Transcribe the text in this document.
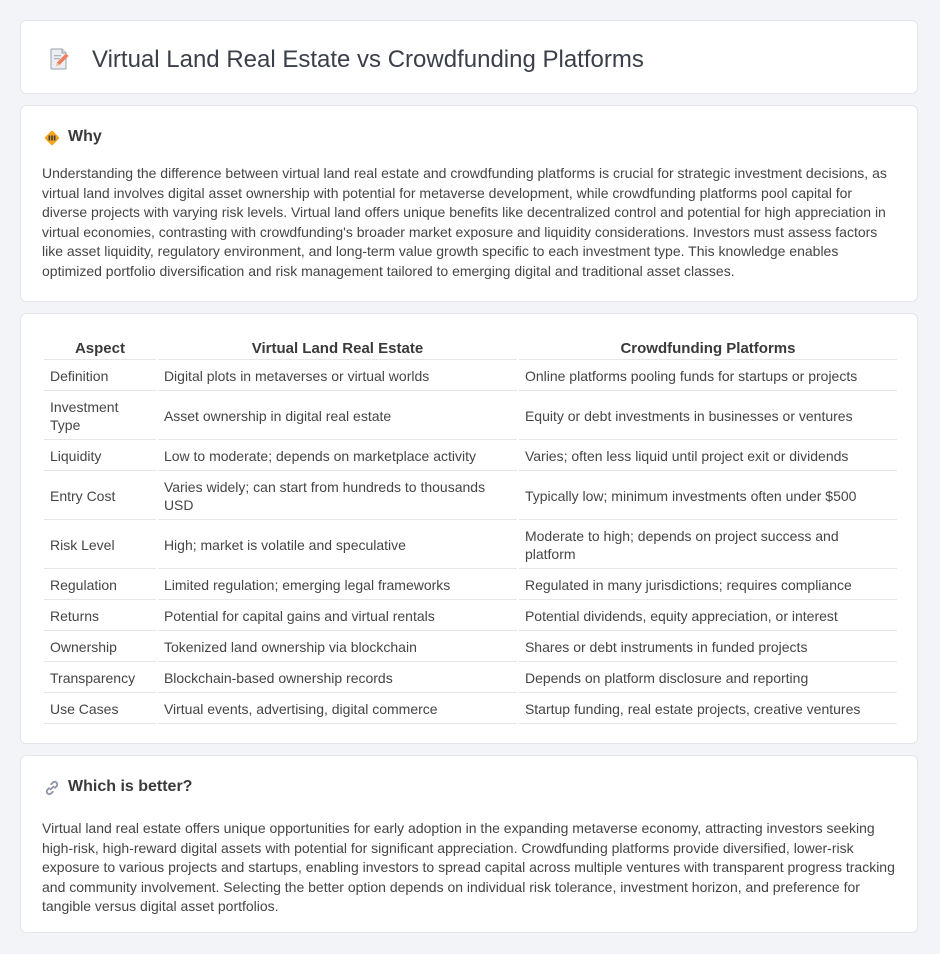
Virtual Land Real Estate vs Crowdfunding Platforms
Why

Understanding the difference between virtual land real estate and crowdfunding platforms is crucial for strategic investment decisions, as virtual land involves digital asset ownership with potential for metaverse development, while crowdfunding platforms pool capital for diverse projects with varying risk levels. Virtual land offers unique benefits like decentralized control and potential for high appreciation in virtual economies, contrasting with crowdfunding's broader market exposure and liquidity considerations. Investors must assess factors like asset liquidity, regulatory environment, and long-term value growth specific to each investment type. This knowledge enables optimized portfolio diversification and risk management tailored to emerging digital and traditional asset classes.

Aspect	Virtual Land Real Estate	Crowdfunding Platforms
Definition	Digital plots in metaverses or virtual worlds	Online platforms pooling funds for startups or projects
Investment Type	Asset ownership in digital real estate	Equity or debt investments in businesses or ventures
Liquidity	Low to moderate; depends on marketplace activity	Varies; often less liquid until project exit or dividends
Entry Cost	Varies widely; can start from hundreds to thousands USD	Typically low; minimum investments often under $500
Risk Level	High; market is volatile and speculative	Moderate to high; depends on project success and platform
Regulation	Limited regulation; emerging legal frameworks	Regulated in many jurisdictions; requires compliance
Returns	Potential for capital gains and virtual rentals	Potential dividends, equity appreciation, or interest
Ownership	Tokenized land ownership via blockchain	Shares or debt instruments in funded projects
Transparency	Blockchain-based ownership records	Depends on platform disclosure and reporting
Use Cases	Virtual events, advertising, digital commerce	Startup funding, real estate projects, creative ventures
Which is better?

Virtual land real estate offers unique opportunities for early adoption in the expanding metaverse economy, attracting investors seeking high-risk, high-reward digital assets with potential for significant appreciation. Crowdfunding platforms provide diversified, lower-risk exposure to various projects and startups, enabling investors to spread capital across multiple ventures with transparent progress tracking and community involvement. Selecting the better option depends on individual risk tolerance, investment horizon, and preference for tangible versus digital asset portfolios.
